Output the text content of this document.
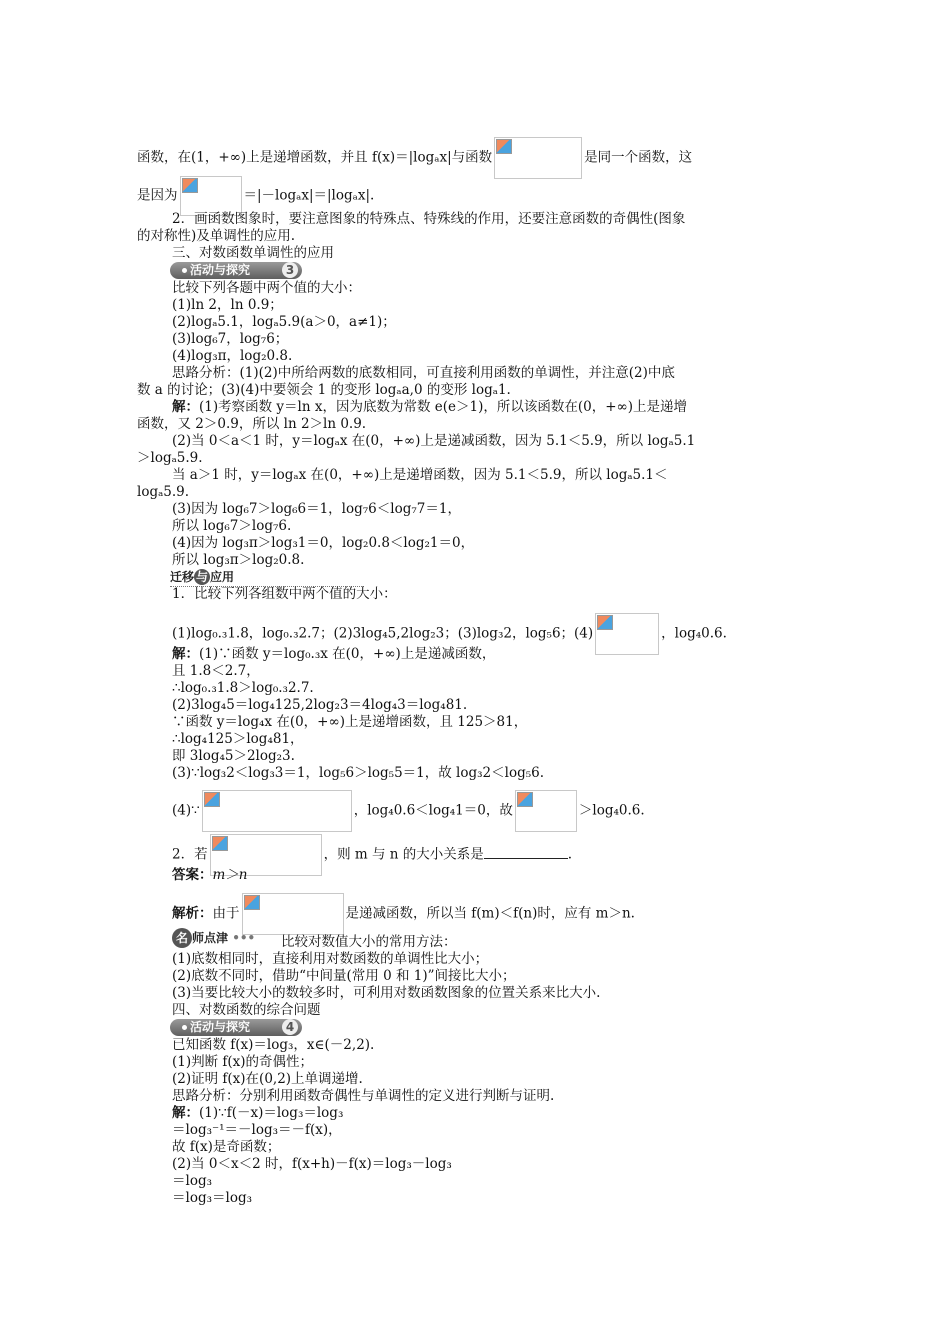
函数，在(1，+∞)上是递增函数，并且 f(x)＝|logₐx|与函数	是同一个函数，这
是因为	＝|－logₐx|＝|logₐx|.
2．画函数图象时，要注意图象的特殊点、特殊线的作用，还要注意函数的奇偶性(图象
的对称性)及单调性的应用.
三、对数函数单调性的应用
活动与探究	3
比较下列各题中两个值的大小：
(1)ln 2，ln 0.9；
(2)logₐ5.1，logₐ5.9(a＞0，a≠1)；
(3)log₆7，log₇6；
(4)log₃π，log₂0.8.
思路分析：(1)(2)中所给两数的底数相同，可直接利用函数的单调性，并注意(2)中底
数 a 的讨论；(3)(4)中要领会 1 的变形 logₐa,0 的变形 logₐ1.
解：(1)考察函数 y＝ln x，因为底数为常数 e(e＞1)，所以该函数在(0，+∞)上是递增
函数，又 2＞0.9，所以 ln 2＞ln 0.9.
(2)当 0＜a＜1 时，y＝logₐx 在(0，+∞)上是递减函数，因为 5.1＜5.9，所以 logₐ5.1
＞logₐ5.9.
当 a＞1 时，y＝logₐx 在(0，+∞)上是递增函数，因为 5.1＜5.9，所以 logₐ5.1＜
logₐ5.9.
(3)因为 log₆7＞log₆6＝1，log₇6＜log₇7＝1，
所以 log₆7＞log₇6.
(4)因为 log₃π＞log₃1＝0，log₂0.8＜log₂1＝0，
所以 log₃π＞log₂0.8.
迁移 与 应用
1．比较下列各组数中两个值的大小：
(1)log₀.₃1.8，log₀.₃2.7；(2)3log₄5,2log₂3；(3)log₃2，log₅6；(4)	，log₄0.6.
解：(1)∵函数 y＝log₀.₃x 在(0，+∞)上是递减函数，
且 1.8＜2.7，
∴log₀.₃1.8＞log₀.₃2.7.
(2)3log₄5＝log₄125,2log₂3＝4log₄3＝log₄81.
∵函数 y＝log₄x 在(0，+∞)上是递增函数，且 125＞81，
∴log₄125＞log₄81，
即 3log₄5＞2log₂3.
(3)∵log₃2＜log₃3＝1，log₅6＞log₅5＝1，故 log₃2＜log₅6.
(4)∵	，log₄0.6＜log₄1＝0，故	＞log₄0.6.
2．若	，则 m 与 n 的大小关系是	.
答案：m＞n
解析：由于	是递减函数，所以当 f(m)＜f(n)时，应有 m＞n.
名 师点津 ••• 比较对数值大小的常用方法：
(1)底数相同时，直接利用对数函数的单调性比大小；
(2)底数不同时，借助“中间量(常用 0 和 1)”间接比大小；
(3)当要比较大小的数较多时，可利用对数函数图象的位置关系来比大小.
四、对数函数的综合问题
活动与探究	4
已知函数 f(x)＝log₃，x∈(－2,2).
(1)判断 f(x)的奇偶性；
(2)证明 f(x)在(0,2)上单调递增.
思路分析：分别利用函数奇偶性与单调性的定义进行判断与证明.
解：(1)∵f(－x)＝log₃＝log₃
＝log₃⁻¹＝－log₃＝－f(x)，
故 f(x)是奇函数；
(2)当 0＜x＜2 时，f(x+h)－f(x)＝log₃－log₃
＝log₃
＝log₃＝log₃
